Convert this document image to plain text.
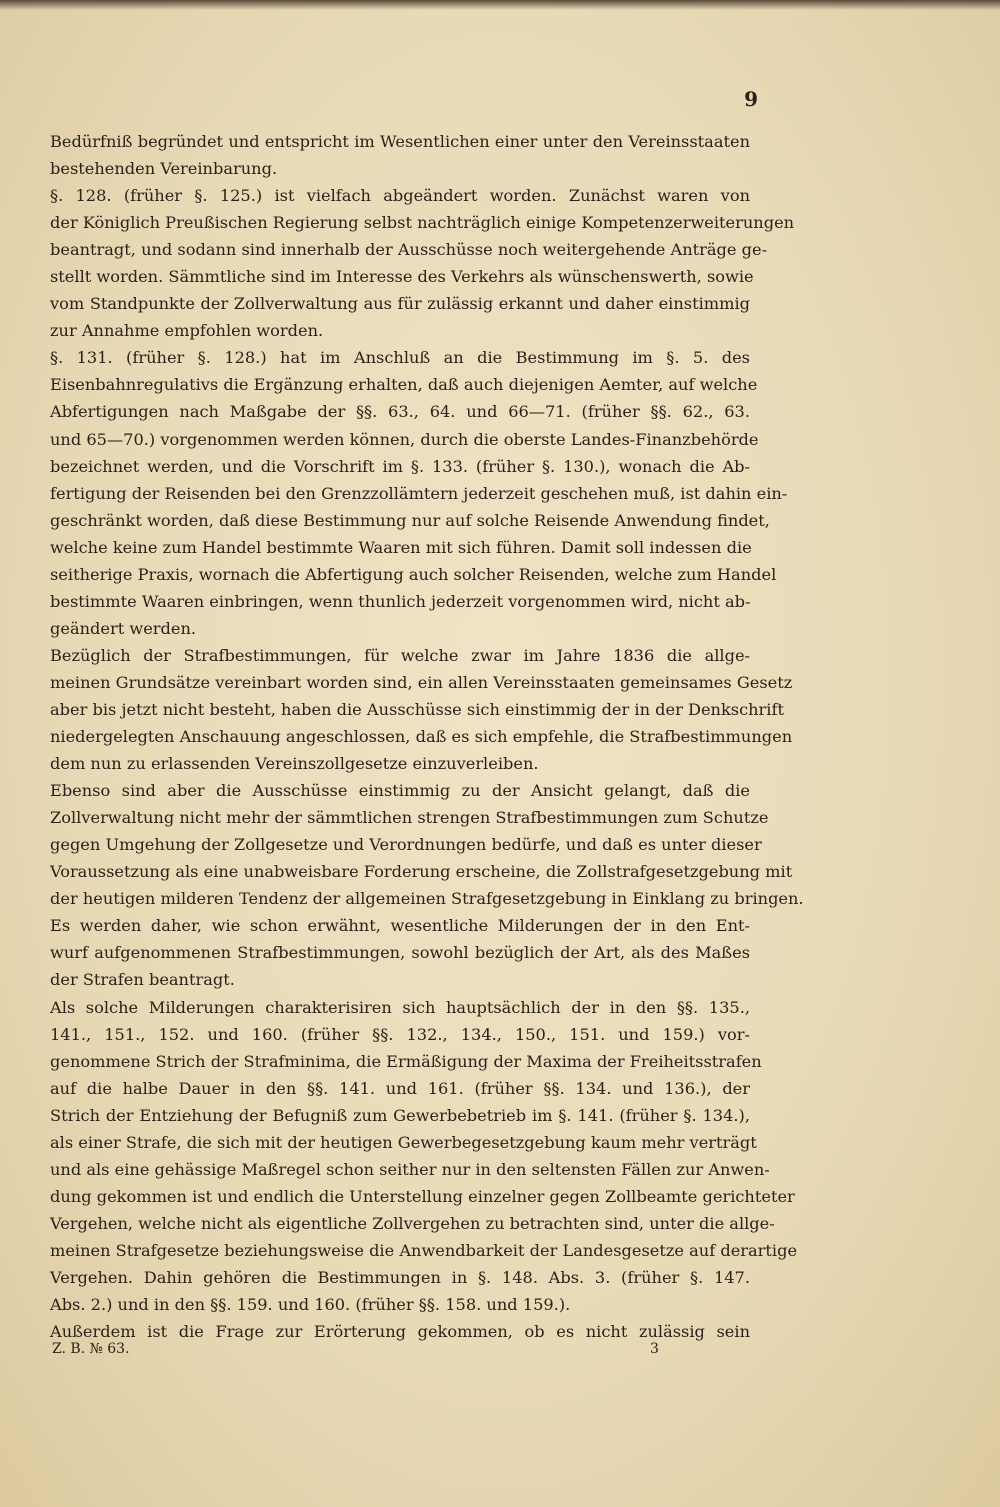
9
Bedürfniß begründet und entspricht im Wesentlichen einer unter den Vereinsstaaten
bestehenden Vereinbarung.
§. 128. (früher §. 125.) ist vielfach abgeändert worden. Zunächst waren von
der Königlich Preußischen Regierung selbst nachträglich einige Kompetenzerweiterungen
beantragt, und sodann sind innerhalb der Ausschüsse noch weitergehende Anträge ge-
stellt worden. Sämmtliche sind im Interesse des Verkehrs als wünschenswerth, sowie
vom Standpunkte der Zollverwaltung aus für zulässig erkannt und daher einstimmig
zur Annahme empfohlen worden.
§. 131. (früher §. 128.) hat im Anschluß an die Bestimmung im §. 5. des
Eisenbahnregulativs die Ergänzung erhalten, daß auch diejenigen Aemter, auf welche
Abfertigungen nach Maßgabe der §§. 63., 64. und 66—71. (früher §§. 62., 63.
und 65—70.) vorgenommen werden können, durch die oberste Landes-Finanzbehörde
bezeichnet werden, und die Vorschrift im §. 133. (früher §. 130.), wonach die Ab-
fertigung der Reisenden bei den Grenzzollämtern jederzeit geschehen muß, ist dahin ein-
geschränkt worden, daß diese Bestimmung nur auf solche Reisende Anwendung findet,
welche keine zum Handel bestimmte Waaren mit sich führen. Damit soll indessen die
seitherige Praxis, wornach die Abfertigung auch solcher Reisenden, welche zum Handel
bestimmte Waaren einbringen, wenn thunlich jederzeit vorgenommen wird, nicht ab-
geändert werden.
Bezüglich der Strafbestimmungen, für welche zwar im Jahre 1836 die allge-
meinen Grundsätze vereinbart worden sind, ein allen Vereinsstaaten gemeinsames Gesetz
aber bis jetzt nicht besteht, haben die Ausschüsse sich einstimmig der in der Denkschrift
niedergelegten Anschauung angeschlossen, daß es sich empfehle, die Strafbestimmungen
dem nun zu erlassenden Vereinszollgesetze einzuverleiben.
Ebenso sind aber die Ausschüsse einstimmig zu der Ansicht gelangt, daß die
Zollverwaltung nicht mehr der sämmtlichen strengen Strafbestimmungen zum Schutze
gegen Umgehung der Zollgesetze und Verordnungen bedürfe, und daß es unter dieser
Voraussetzung als eine unabweisbare Forderung erscheine, die Zollstrafgesetzgebung mit
der heutigen milderen Tendenz der allgemeinen Strafgesetzgebung in Einklang zu bringen.
Es werden daher, wie schon erwähnt, wesentliche Milderungen der in den Ent-
wurf aufgenommenen Strafbestimmungen, sowohl bezüglich der Art, als des Maßes
der Strafen beantragt.
Als solche Milderungen charakterisiren sich hauptsächlich der in den §§. 135.,
141., 151., 152. und 160. (früher §§. 132., 134., 150., 151. und 159.) vor-
genommene Strich der Strafminima, die Ermäßigung der Maxima der Freiheitsstrafen
auf die halbe Dauer in den §§. 141. und 161. (früher §§. 134. und 136.), der
Strich der Entziehung der Befugniß zum Gewerbebetrieb im §. 141. (früher §. 134.),
als einer Strafe, die sich mit der heutigen Gewerbegesetzgebung kaum mehr verträgt
und als eine gehässige Maßregel schon seither nur in den seltensten Fällen zur Anwen-
dung gekommen ist und endlich die Unterstellung einzelner gegen Zollbeamte gerichteter
Vergehen, welche nicht als eigentliche Zollvergehen zu betrachten sind, unter die allge-
meinen Strafgesetze beziehungsweise die Anwendbarkeit der Landesgesetze auf derartige
Vergehen. Dahin gehören die Bestimmungen in §. 148. Abs. 3. (früher §. 147.
Abs. 2.) und in den §§. 159. und 160. (früher §§. 158. und 159.).
Außerdem ist die Frage zur Erörterung gekommen, ob es nicht zulässig sein
Z. B. № 63.	3
